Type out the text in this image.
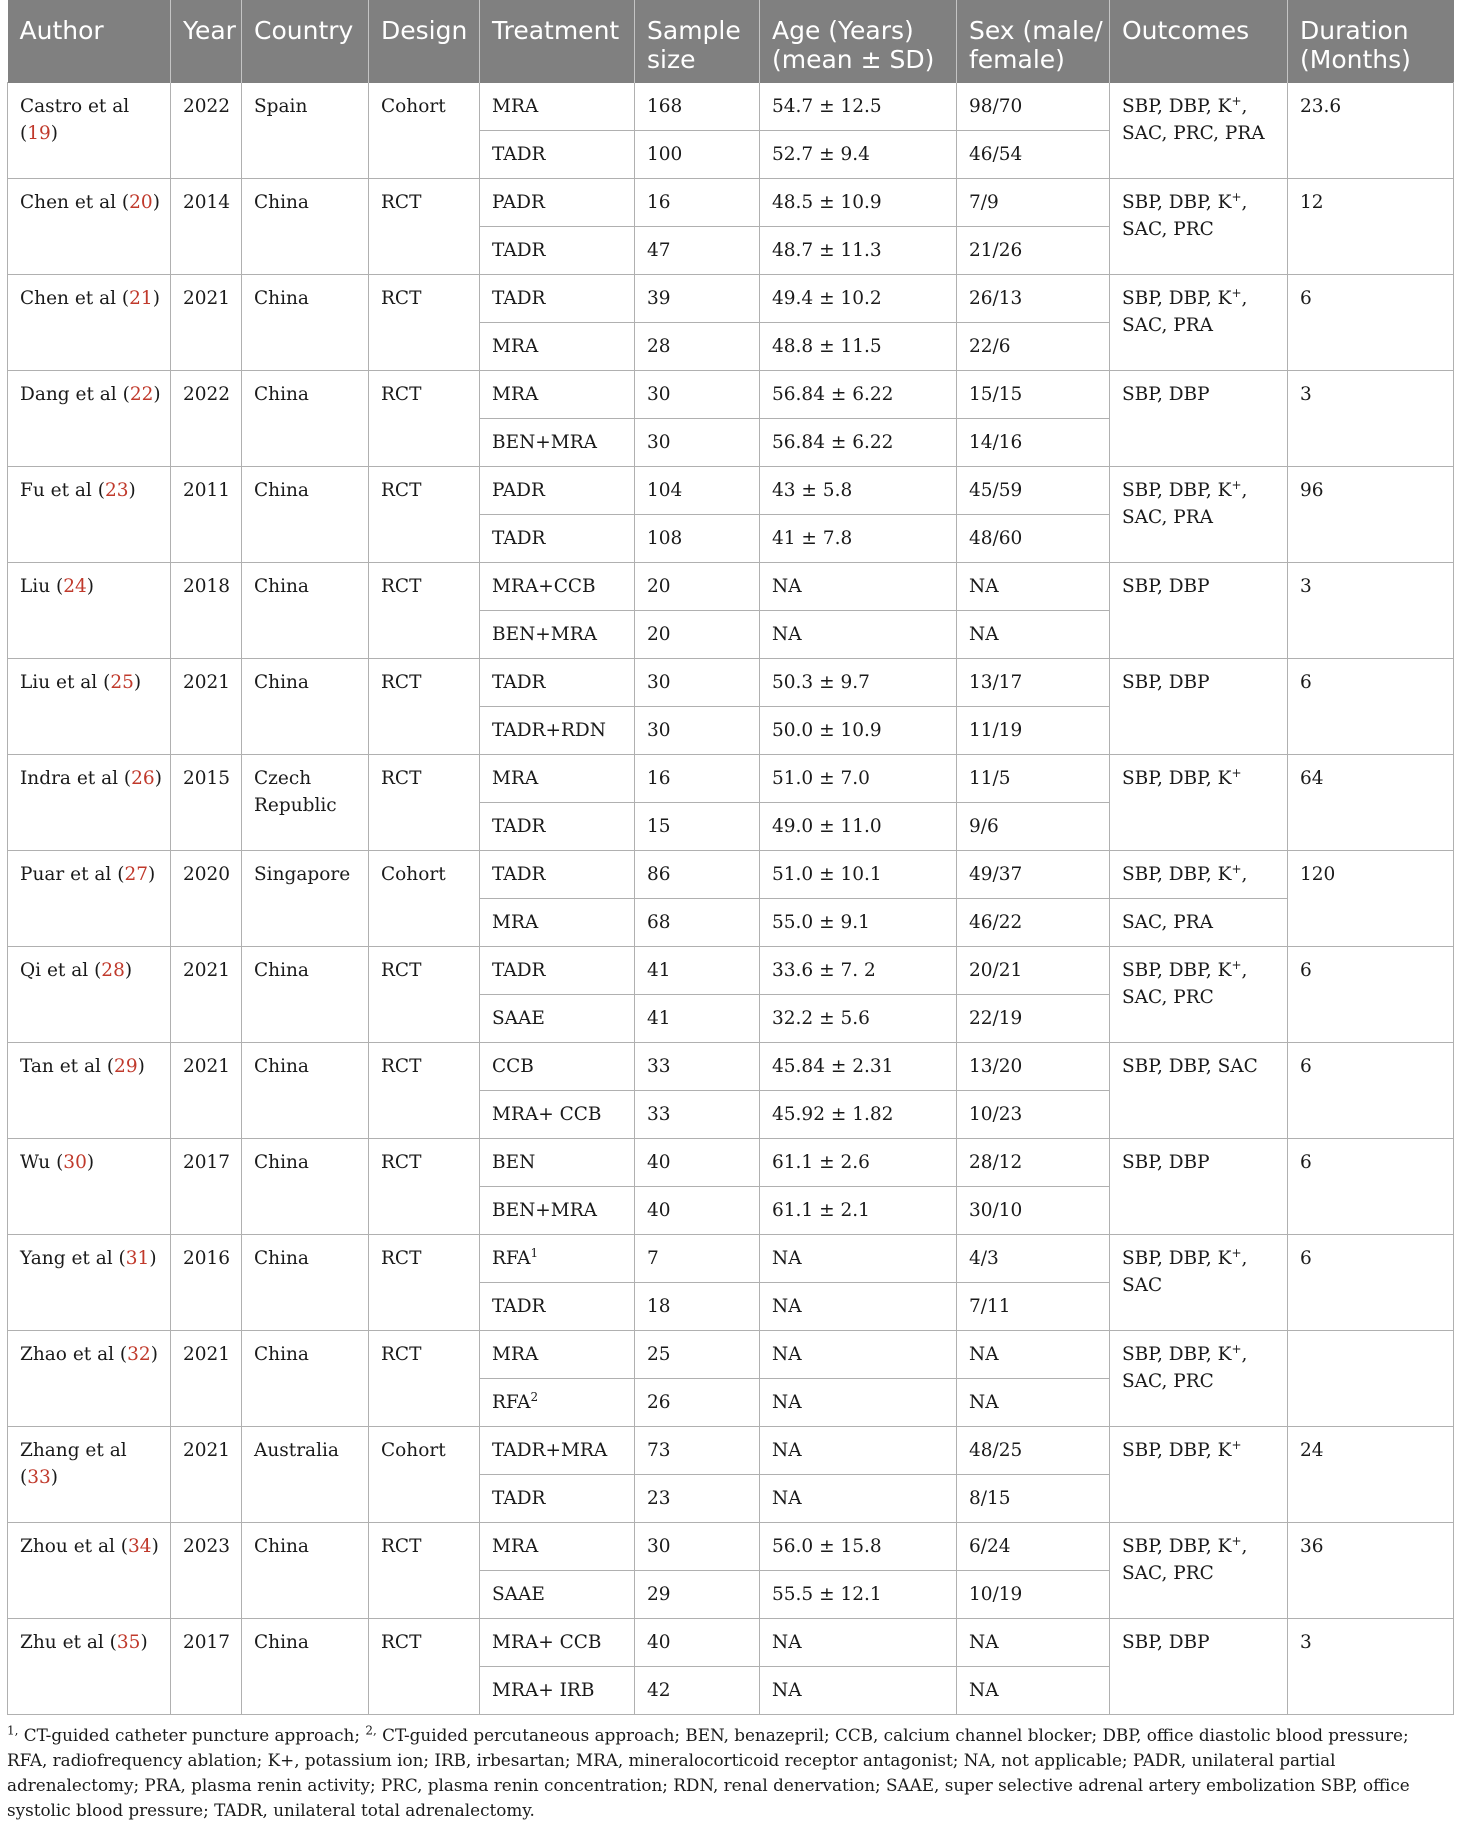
Author	Year	Country	Design	Treatment	Sample size	Age (Years) (mean ± SD)	Sex (male/ female)	Outcomes	Duration (Months)
Castro et al (19)	2022	Spain	Cohort	MRA	168	54.7 ± 12.5	98/70	SBP, DBP, K+, SAC, PRC, PRA	23.6
				TADR	100	52.7 ± 9.4	46/54		
Chen et al (20)	2014	China	RCT	PADR	16	48.5 ± 10.9	7/9	SBP, DBP, K+, SAC, PRC	12
				TADR	47	48.7 ± 11.3	21/26		
Chen et al (21)	2021	China	RCT	TADR	39	49.4 ± 10.2	26/13	SBP, DBP, K+, SAC, PRA	6
				MRA	28	48.8 ± 11.5	22/6		
Dang et al (22)	2022	China	RCT	MRA	30	56.84 ± 6.22	15/15	SBP, DBP	3
				BEN+MRA	30	56.84 ± 6.22	14/16		
Fu et al (23)	2011	China	RCT	PADR	104	43 ± 5.8	45/59	SBP, DBP, K+, SAC, PRA	96
				TADR	108	41 ± 7.8	48/60		
Liu (24)	2018	China	RCT	MRA+CCB	20	NA	NA	SBP, DBP	3
				BEN+MRA	20	NA	NA		
Liu et al (25)	2021	China	RCT	TADR	30	50.3 ± 9.7	13/17	SBP, DBP	6
				TADR+RDN	30	50.0 ± 10.9	11/19		
Indra et al (26)	2015	Czech Republic	RCT	MRA	16	51.0 ± 7.0	11/5	SBP, DBP, K+	64
				TADR	15	49.0 ± 11.0	9/6		
Puar et al (27)	2020	Singapore	Cohort	TADR	86	51.0 ± 10.1	49/37	SBP, DBP, K+,	120
				MRA	68	55.0 ± 9.1	46/22	SAC, PRA	
Qi et al (28)	2021	China	RCT	TADR	41	33.6 ± 7. 2	20/21	SBP, DBP, K+, SAC, PRC	6
				SAAE	41	32.2 ± 5.6	22/19		
Tan et al (29)	2021	China	RCT	CCB	33	45.84 ± 2.31	13/20	SBP, DBP, SAC	6
				MRA+ CCB	33	45.92 ± 1.82	10/23		
Wu (30)	2017	China	RCT	BEN	40	61.1 ± 2.6	28/12	SBP, DBP	6
				BEN+MRA	40	61.1 ± 2.1	30/10		
Yang et al (31)	2016	China	RCT	RFA$^1$	7	NA	4/3	SBP, DBP, K+, SAC	6
				TADR	18	NA	7/11		
Zhao et al (32)	2021	China	RCT	MRA	25	NA	NA	SBP, DBP, K+, SAC, PRC	
				RFA$^2$	26	NA	NA		
Zhang et al (33)	2021	Australia	Cohort	TADR+MRA	73	NA	48/25	SBP, DBP, K+	24
				TADR	23	NA	8/15		
Zhou et al (34)	2023	China	RCT	MRA	30	56.0 ± 15.8	6/24	SBP, DBP, K+, SAC, PRC	36
				SAAE	29	55.5 ± 12.1	10/19		
Zhu et al (35)	2017	China	RCT	MRA+ CCB	40	NA	NA	SBP, DBP	3
				MRA+ IRB	42	NA	NA		
$^{1,}$ CT-guided catheter puncture approach; $^{2,}$ CT-guided percutaneous approach; BEN, benazepril; CCB, calcium channel blocker; DBP, office diastolic blood pressure; RFA, radiofrequency ablation; K+, potassium ion; IRB, irbesartan; MRA, mineralocorticoid receptor antagonist; NA, not applicable; PADR, unilateral partial adrenalectomy; PRA, plasma renin activity; PRC, plasma renin concentration; RDN, renal denervation; SAAE, super selective adrenal artery embolization SBP, office systolic blood pressure; TADR, unilateral total adrenalectomy.
